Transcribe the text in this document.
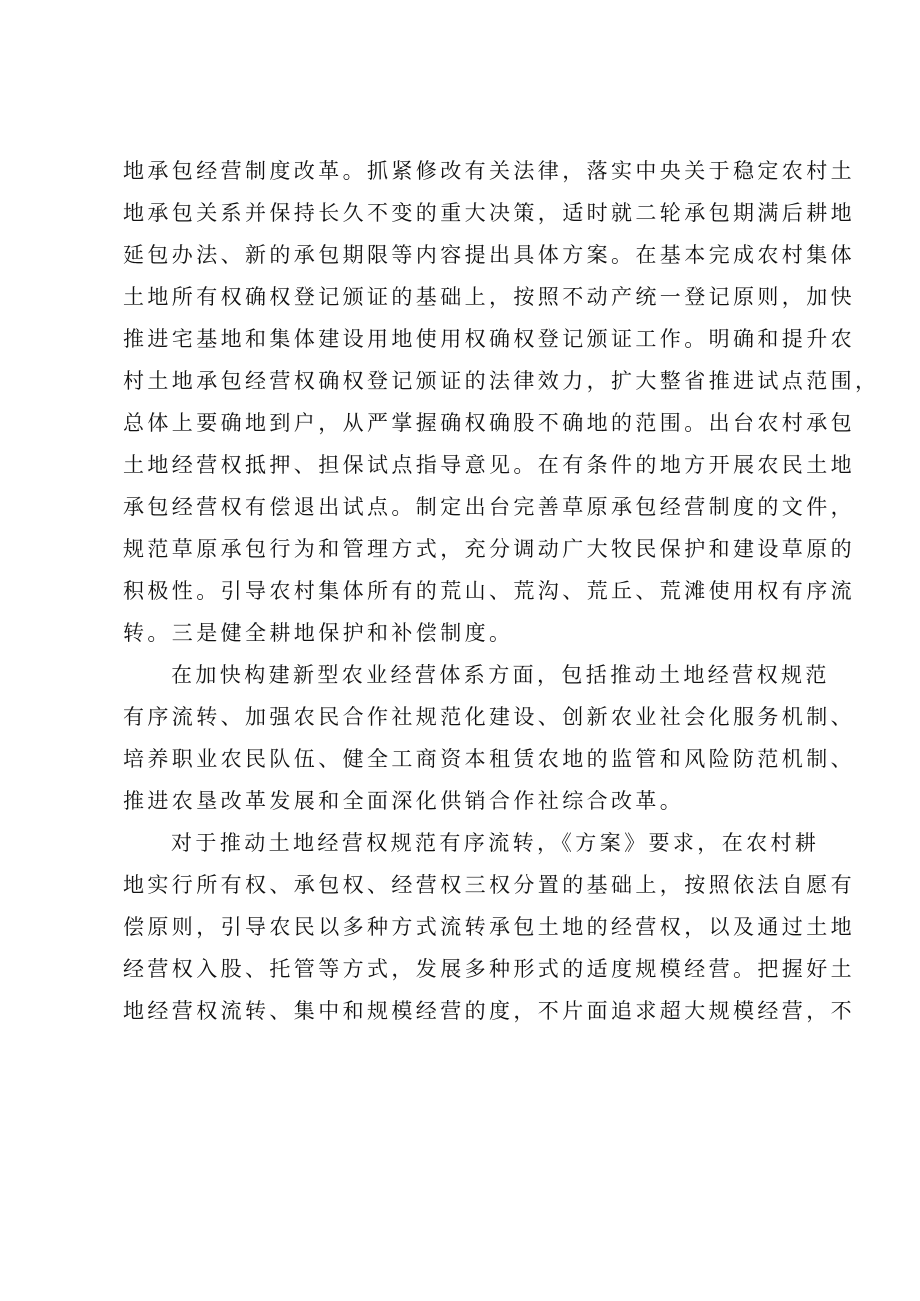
地承包经营制度改革。抓紧修改有关法律，落实中央关于稳定农村土
地承包关系并保持长久不变的重大决策，适时就二轮承包期满后耕地
延包办法、新的承包期限等内容提出具体方案。在基本完成农村集体
土地所有权确权登记颁证的基础上，按照不动产统一登记原则，加快
推进宅基地和集体建设用地使用权确权登记颁证工作。明确和提升农
村土地承包经营权确权登记颁证的法律效力，扩大整省推进试点范围，
总体上要确地到户，从严掌握确权确股不确地的范围。出台农村承包
土地经营权抵押、担保试点指导意见。在有条件的地方开展农民土地
承包经营权有偿退出试点。制定出台完善草原承包经营制度的文件，
规范草原承包行为和管理方式，充分调动广大牧民保护和建设草原的
积极性。引导农村集体所有的荒山、荒沟、荒丘、荒滩使用权有序流
转。三是健全耕地保护和补偿制度。
在加快构建新型农业经营体系方面，包括推动土地经营权规范
有序流转、加强农民合作社规范化建设、创新农业社会化服务机制、
培养职业农民队伍、健全工商资本租赁农地的监管和风险防范机制、
推进农垦改革发展和全面深化供销合作社综合改革。
对于推动土地经营权规范有序流转，《方案》要求，在农村耕
地实行所有权、承包权、经营权三权分置的基础上，按照依法自愿有
偿原则，引导农民以多种方式流转承包土地的经营权，以及通过土地
经营权入股、托管等方式，发展多种形式的适度规模经营。把握好土
地经营权流转、集中和规模经营的度，不片面追求超大规模经营，不
